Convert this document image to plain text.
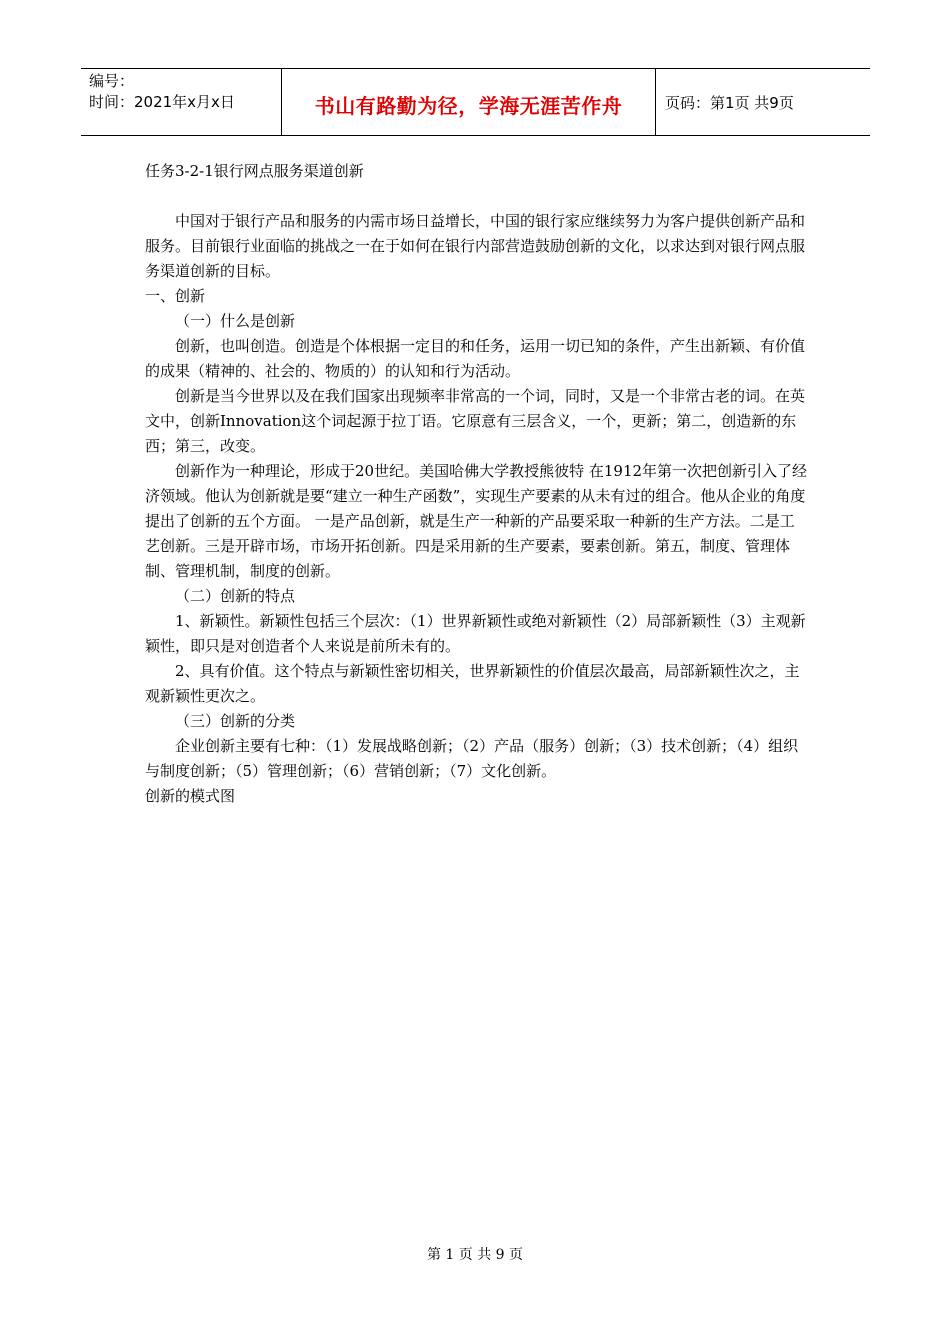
编号：
时间：2021年x月x日	书山有路勤为径，学海无涯苦作舟	页码：第1页 共9页

任务3-2-1银行网点服务渠道创新

中国对于银行产品和服务的内需市场日益增长，中国的银行家应继续努力为客户提供创新产品和服务。目前银行业面临的挑战之一在于如何在银行内部营造鼓励创新的文化，以求达到对银行网点服务渠道创新的目标。

一、创新

（一）什么是创新

创新，也叫创造。创造是个体根据一定目的和任务，运用一切已知的条件，产生出新颖、有价值的成果（精神的、社会的、物质的）的认知和行为活动。

创新是当今世界以及在我们国家出现频率非常高的一个词，同时，又是一个非常古老的词。在英文中，创新Innovation这个词起源于拉丁语。它原意有三层含义，一个，更新；第二，创造新的东西；第三，改变。

创新作为一种理论，形成于20世纪。美国哈佛大学教授熊彼特 在1912年第一次把创新引入了经济领域。他认为创新就是要“建立一种生产函数”，实现生产要素的从未有过的组合。他从企业的角度提出了创新的五个方面。 一是产品创新，就是生产一种新的产品要采取一种新的生产方法。二是工艺创新。三是开辟市场，市场开拓创新。四是采用新的生产要素，要素创新。第五，制度、管理体制、管理机制，制度的创新。

（二）创新的特点

1、新颖性。新颖性包括三个层次：（1）世界新颖性或绝对新颖性（2）局部新颖性（3）主观新颖性，即只是对创造者个人来说是前所未有的。

2、具有价值。这个特点与新颖性密切相关，世界新颖性的价值层次最高，局部新颖性次之，主观新颖性更次之。

（三）创新的分类

企业创新主要有七种：（1）发展战略创新；（2）产品（服务）创新；（3）技术创新；（4）组织与制度创新；（5）管理创新；（6）营销创新；（7）文化创新。

创新的模式图

第 1 页 共 9 页
